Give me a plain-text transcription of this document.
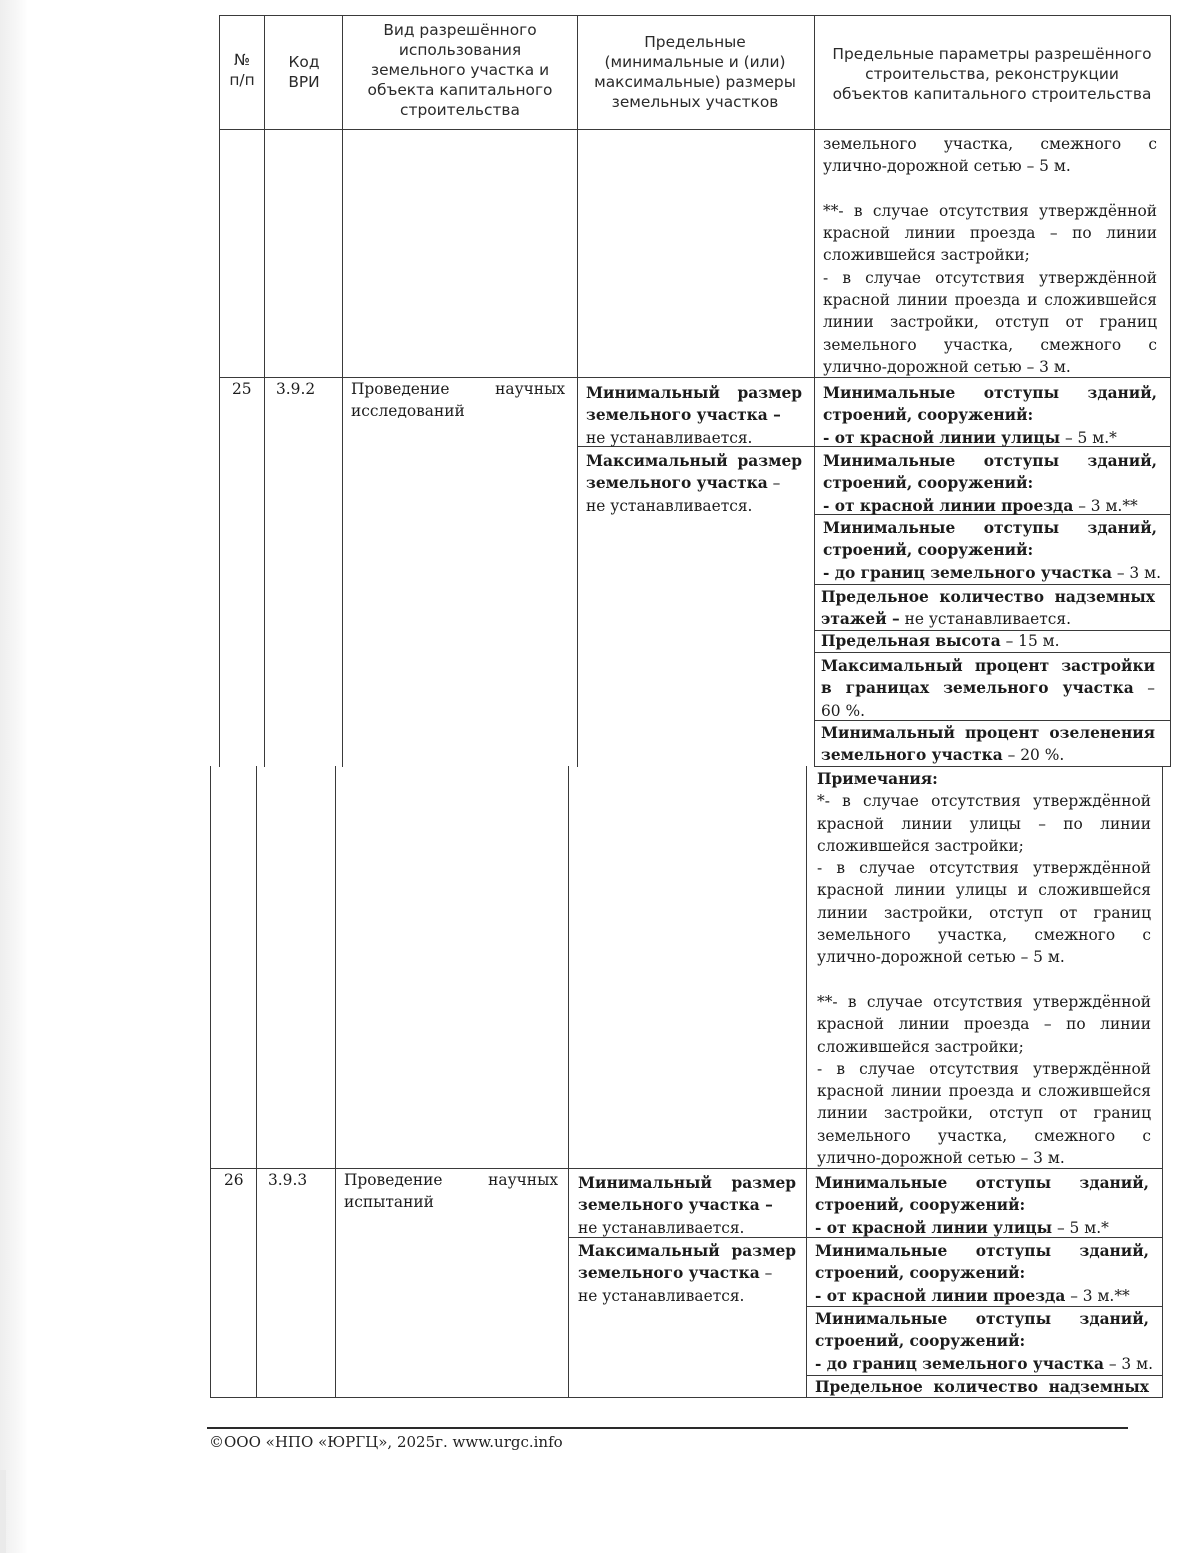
№ п/п
Код ВРИ
Вид разрешённого использования земельного участка и объекта капитального строительства
Предельные (минимальные и (или) максимальные) размеры земельных участков
Предельные параметры разрешённого строительства, реконструкции объектов капитального строительства
земельного участка, смежного с
улично-дорожной сетью – 5 м.

**- в случае отсутствия утверждённой
красной линии проезда – по линии
сложившейся застройки;
- в случае отсутствия утверждённой
красной линии проезда и сложившейся
линии застройки, отступ от границ
земельного участка, смежного с
улично-дорожной сетью – 3 м.
25 3.9.2 Проведение научных
исследований
Минимальный размер
земельного участка –
не устанавливается.
Максимальный размер
земельного участка –
не устанавливается.
Минимальные отступы зданий,
строений, сооружений:
- от красной линии улицы – 5 м.*
Минимальные отступы зданий,
строений, сооружений:
- от красной линии проезда – 3 м.**
Минимальные отступы зданий,
строений, сооружений:
- до границ земельного участка – 3 м.
Предельное количество надземных
этажей – не устанавливается.
Предельная высота – 15 м.
Максимальный процент застройки
в границах земельного участка –
60 %.
Минимальный процент озеленения
земельного участка – 20 %.
Примечания:
*- в случае отсутствия утверждённой
красной линии улицы – по линии
сложившейся застройки;
- в случае отсутствия утверждённой
красной линии улицы и сложившейся
линии застройки, отступ от границ
земельного участка, смежного с
улично-дорожной сетью – 5 м.

**- в случае отсутствия утверждённой
красной линии проезда – по линии
сложившейся застройки;
- в случае отсутствия утверждённой
красной линии проезда и сложившейся
линии застройки, отступ от границ
земельного участка, смежного с
улично-дорожной сетью – 3 м.
26 3.9.3 Проведение научных
испытаний
Минимальный размер
земельного участка –
не устанавливается.
Максимальный размер
земельного участка –
не устанавливается.
Минимальные отступы зданий,
строений, сооружений:
- от красной линии улицы – 5 м.*
Минимальные отступы зданий,
строений, сооружений:
- от красной линии проезда – 3 м.**
Минимальные отступы зданий,
строений, сооружений:
- до границ земельного участка – 3 м.
Предельное количество надземных
©ООО «НПО «ЮРГЦ», 2025г. www.urgc.info
